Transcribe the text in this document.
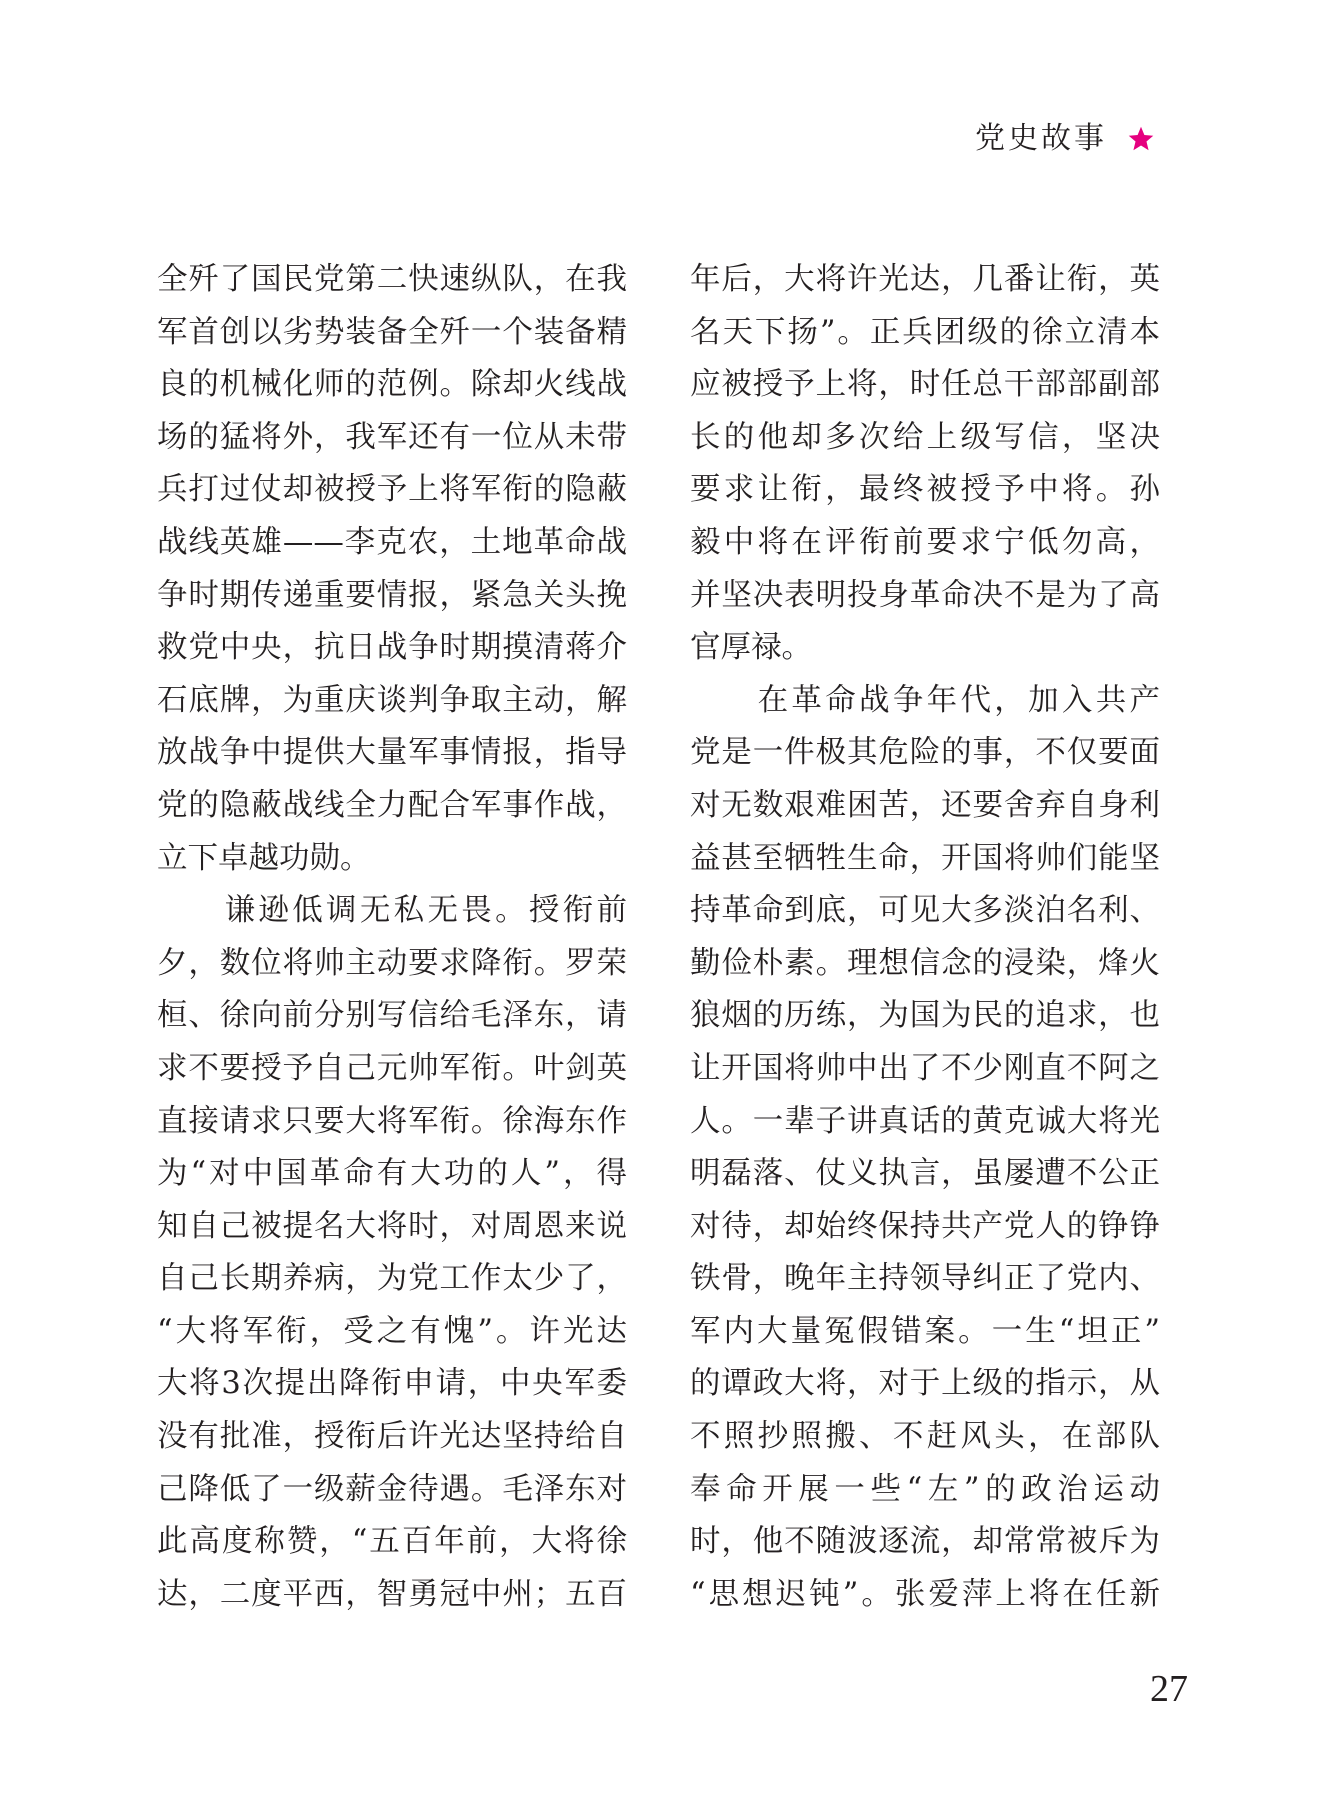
党史故事
全歼了国民党第二快速纵队，在我
军首创以劣势装备全歼一个装备精
良的机械化师的范例。除却火线战
场的猛将外，我军还有一位从未带
兵打过仗却被授予上将军衔的隐蔽
战线英雄——李克农，土地革命战
争时期传递重要情报，紧急关头挽
救党中央，抗日战争时期摸清蒋介
石底牌，为重庆谈判争取主动，解
放战争中提供大量军事情报，指导
党的隐蔽战线全力配合军事作战，
立下卓越功勋。
　　谦逊低调无私无畏。授衔前
夕，数位将帅主动要求降衔。罗荣
桓、徐向前分别写信给毛泽东，请
求不要授予自己元帅军衔。叶剑英
直接请求只要大将军衔。徐海东作
为“对中国革命有大功的人”，得
知自己被提名大将时，对周恩来说
自己长期养病，为党工作太少了，
“大将军衔，受之有愧”。许光达
大将3次提出降衔申请，中央军委
没有批准，授衔后许光达坚持给自
己降低了一级薪金待遇。毛泽东对
此高度称赞，“五百年前，大将徐
达，二度平西，智勇冠中州；五百
年后，大将许光达，几番让衔，英
名天下扬”。正兵团级的徐立清本
应被授予上将，时任总干部部副部
长的他却多次给上级写信，坚决
要求让衔，最终被授予中将。孙
毅中将在评衔前要求宁低勿高，
并坚决表明投身革命决不是为了高
官厚禄。
　　在革命战争年代，加入共产
党是一件极其危险的事，不仅要面
对无数艰难困苦，还要舍弃自身利
益甚至牺牲生命，开国将帅们能坚
持革命到底，可见大多淡泊名利、
勤俭朴素。理想信念的浸染，烽火
狼烟的历练，为国为民的追求，也
让开国将帅中出了不少刚直不阿之
人。一辈子讲真话的黄克诚大将光
明磊落、仗义执言，虽屡遭不公正
对待，却始终保持共产党人的铮铮
铁骨，晚年主持领导纠正了党内、
军内大量冤假错案。一生“坦正”
的谭政大将，对于上级的指示，从
不照抄照搬、不赶风头，在部队
奉命开展一些“左”的政治运动
时，他不随波逐流，却常常被斥为
“思想迟钝”。张爱萍上将在任新
27
